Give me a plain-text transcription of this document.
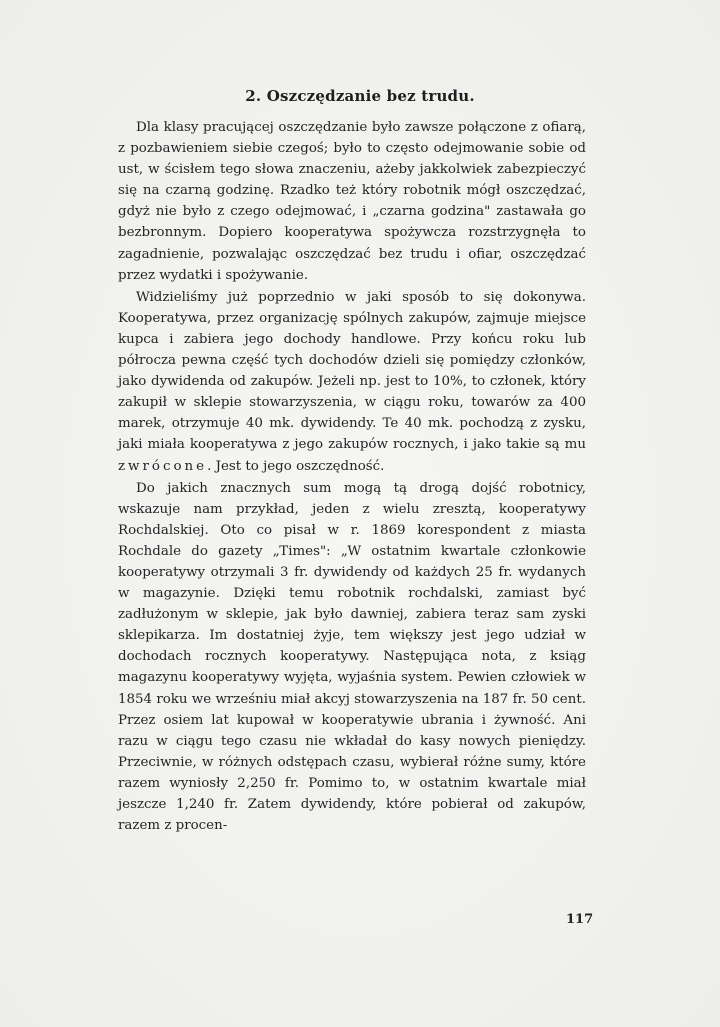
2. Oszczędzanie bez trudu.

Dla klasy pracującej oszczędzanie było zawsze połączone z ofiarą, z pozbawieniem siebie czegoś; było to często odejmowanie sobie od ust, w ścisłem tego słowa znaczeniu, ażeby jakkolwiek zabezpieczyć się na czarną godzinę. Rzadko też który robotnik mógł oszczędzać, gdyż nie było z czego odejmować, i „czarna godzina" zastawała go bezbronnym. Dopiero kooperatywa spożywcza rozstrzygnęła to zagadnienie, pozwalając oszczędzać bez trudu i ofiar, oszczędzać przez wydatki i spożywanie.

Widzieliśmy już poprzednio w jaki sposób to się dokonywa. Kooperatywa, przez organizację spólnych zakupów, zajmuje miejsce kupca i zabiera jego dochody handlowe. Przy końcu roku lub półrocza pewna część tych dochodów dzieli się pomiędzy członków, jako dywidenda od zakupów. Jeżeli np. jest to 10%, to członek, który zakupił w sklepie stowarzyszenia, w ciągu roku, towarów za 400 marek, otrzymuje 40 mk. dywidendy. Te 40 mk. pochodzą z zysku, jaki miała kooperatywa z jego zakupów rocznych, i jako takie są mu zwrócone. Jest to jego oszczędność.

Do jakich znacznych sum mogą tą drogą dojść robotnicy, wskazuje nam przykład, jeden z wielu zresztą, kooperatywy Rochdalskiej. Oto co pisał w r. 1869 korespondent z miasta Rochdale do gazety „Times": „W ostatnim kwartale członkowie kooperatywy otrzymali 3 fr. dywidendy od każdych 25 fr. wydanych w magazynie. Dzięki temu robotnik rochdalski, zamiast być zadłużonym w sklepie, jak było dawniej, zabiera teraz sam zyski sklepikarza. Im dostatniej żyje, tem większy jest jego udział w dochodach rocznych kooperatywy. Następująca nota, z ksiąg magazynu kooperatywy wyjęta, wyjaśnia system. Pewien człowiek w 1854 roku we wrześniu miał akcyj stowarzyszenia na 187 fr. 50 cent. Przez osiem lat kupował w kooperatywie ubrania i żywność. Ani razu w ciągu tego czasu nie wkładał do kasy nowych pieniędzy. Przeciwnie, w różnych odstępach czasu, wybierał różne sumy, które razem wyniosły 2,250 fr. Pomimo to, w ostatnim kwartale miał jeszcze 1,240 fr. Zatem dywidendy, które pobierał od zakupów, razem z procen-

117
